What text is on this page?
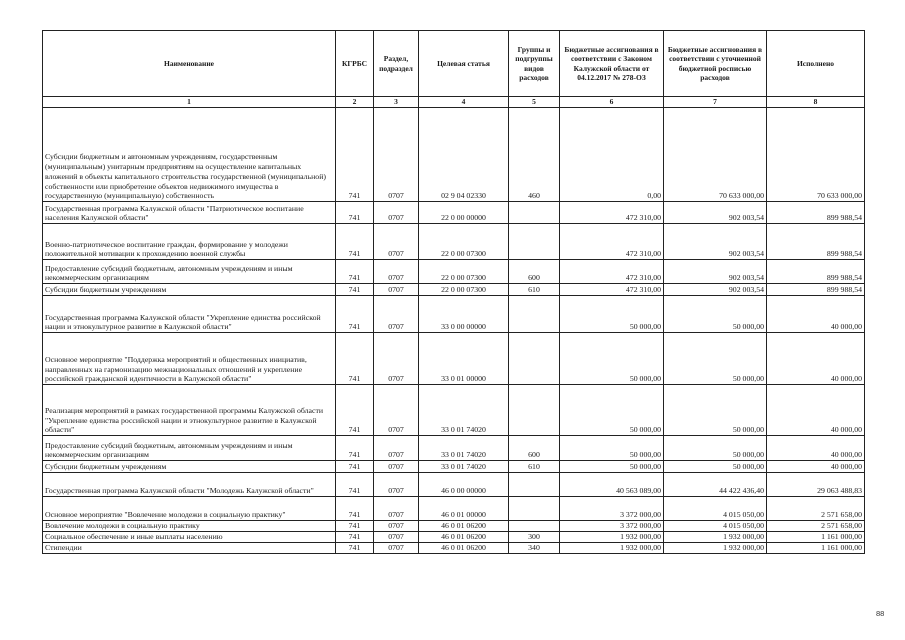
Наименование	КГРБС	Раздел, подраздел	Целевая статья	Группы и подгруппы видов расходов	Бюджетные ассигнования в соответствии с Законом Калужской области от 04.12.2017 № 278-ОЗ	Бюджетные ассигнования в соответствии с уточненной бюджетной росписью расходов	Исполнено
1	2	3	4	5	6	7	8
Субсидии бюджетным и автономным учреждениям, государственным (муниципальным) унитарным предприятиям на осуществление капитальных вложений в объекты капитального строительства государственной (муниципальной) собственности или приобретение объектов недвижимого имущества в государственную (муниципальную) собственность	741	0707	02 9 04 02330	460	0,00	70 633 000,00	70 633 000,00
Государственная программа Калужской области "Патриотическое воспитание населения Калужской области"	741	0707	22 0 00 00000		472 310,00	902 003,54	899 988,54
Военно-патриотическое воспитание граждан, формирование у молодежи положительной мотивации к прохождению военной службы	741	0707	22 0 00 07300		472 310,00	902 003,54	899 988,54
Предоставление субсидий бюджетным, автономным учреждениям и иным некоммерческим организациям	741	0707	22 0 00 07300	600	472 310,00	902 003,54	899 988,54
Субсидии бюджетным учреждениям	741	0707	22 0 00 07300	610	472 310,00	902 003,54	899 988,54
Государственная программа Калужской области "Укрепление единства российской нации и этнокультурное развитие в Калужской области"	741	0707	33 0 00 00000		50 000,00	50 000,00	40 000,00
Основное мероприятие "Поддержка мероприятий и общественных инициатив, направленных на гармонизацию межнациональных отношений и укрепление российской гражданской идентичности в Калужской области"	741	0707	33 0 01 00000		50 000,00	50 000,00	40 000,00
Реализация мероприятий в рамках государственной программы Калужской области "Укрепление единства российской нации и этнокультурное развитие в Калужской области"	741	0707	33 0 01 74020		50 000,00	50 000,00	40 000,00
Предоставление субсидий бюджетным, автономным учреждениям и иным некоммерческим организациям	741	0707	33 0 01 74020	600	50 000,00	50 000,00	40 000,00
Субсидии бюджетным учреждениям	741	0707	33 0 01 74020	610	50 000,00	50 000,00	40 000,00
Государственная программа Калужской области "Молодежь Калужской области"	741	0707	46 0 00 00000		40 563 089,00	44 422 436,40	29 063 488,83
Основное мероприятие "Вовлечение молодежи в социальную практику"	741	0707	46 0 01 00000		3 372 000,00	4 015 050,00	2 571 658,00
Вовлечение молодежи в социальную практику	741	0707	46 0 01 06200		3 372 000,00	4 015 050,00	2 571 658,00
Социальное обеспечение и иные выплаты населению	741	0707	46 0 01 06200	300	1 932 000,00	1 932 000,00	1 161 000,00
Стипендии	741	0707	46 0 01 06200	340	1 932 000,00	1 932 000,00	1 161 000,00
88
